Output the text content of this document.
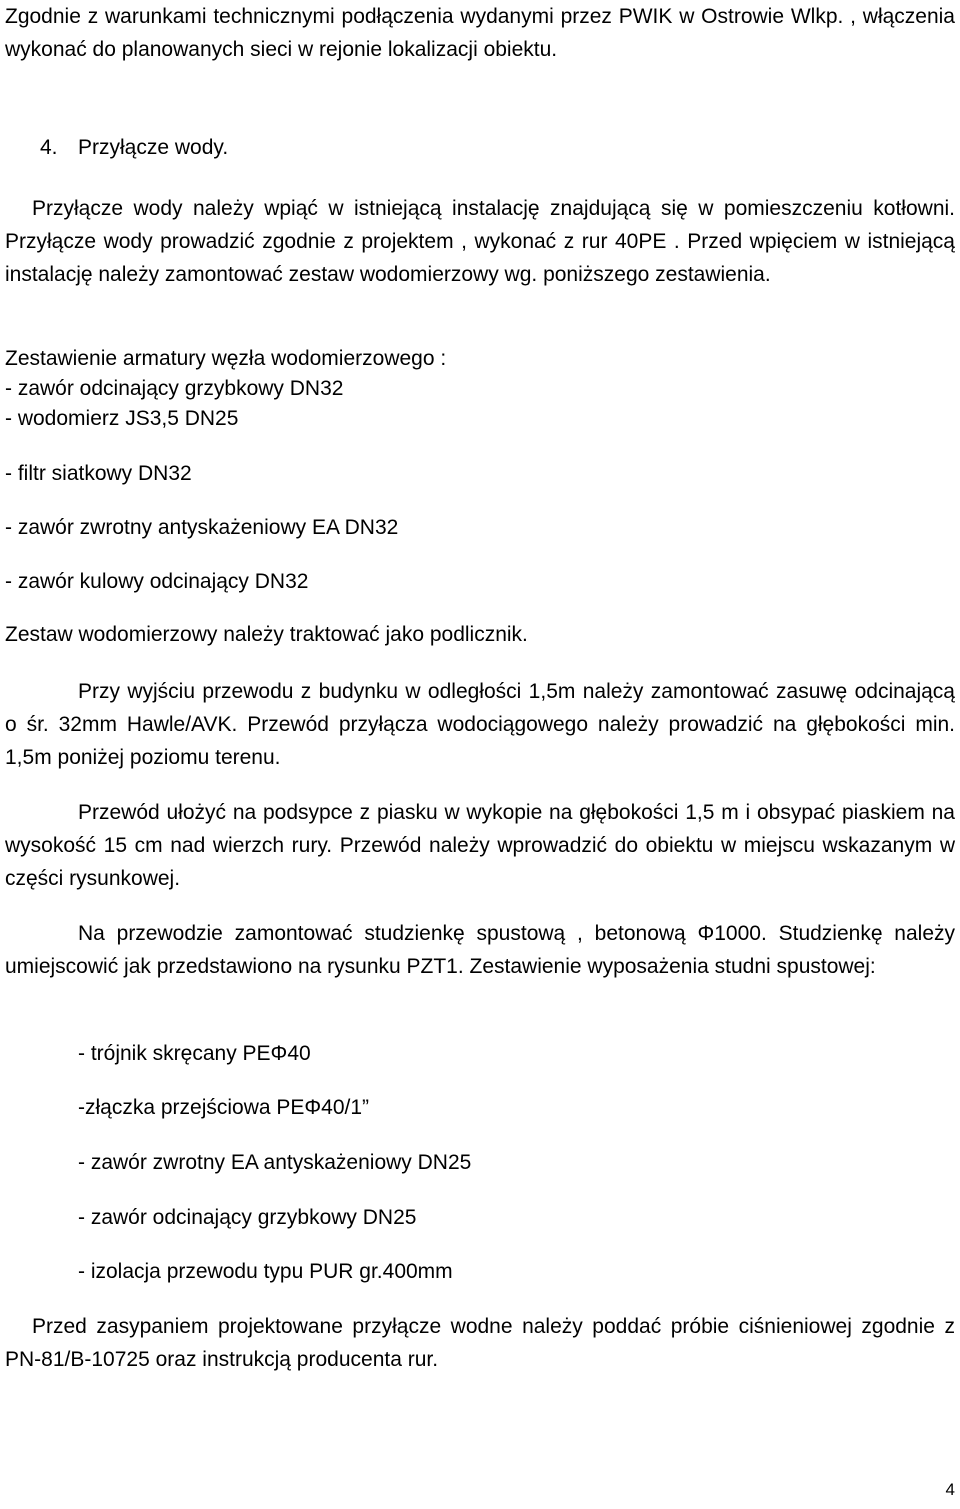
Zgodnie z warunkami technicznymi podłączenia wydanymi przez PWIK w Ostrowie Wlkp. , włączenia wykonać do planowanych sieci w rejonie lokalizacji obiektu.

4. Przyłącze wody.

Przyłącze wody należy wpiąć w istniejącą instalację znajdującą się w pomieszczeniu kotłowni. Przyłącze wody prowadzić zgodnie z projektem , wykonać z rur 40PE . Przed wpięciem w istniejącą instalację należy zamontować zestaw wodomierzowy wg. poniższego zestawienia.

Zestawienie armatury węzła wodomierzowego :

- zawór odcinający grzybkowy DN32

- wodomierz JS3,5 DN25

- filtr siatkowy DN32

- zawór zwrotny antyskażeniowy EA DN32

- zawór kulowy odcinający DN32

Zestaw wodomierzowy należy traktować jako podlicznik.

Przy wyjściu przewodu z budynku w odległości 1,5m należy zamontować zasuwę odcinającą o śr. 32mm Hawle/AVK. Przewód przyłącza wodociągowego należy prowadzić na głębokości min. 1,5m poniżej poziomu terenu.

Przewód ułożyć na podsypce z piasku w wykopie na głębokości 1,5 m i obsypać piaskiem na wysokość 15 cm nad wierzch rury. Przewód należy wprowadzić do obiektu w miejscu wskazanym w części rysunkowej.

Na przewodzie zamontować studzienkę spustową , betonową Φ1000. Studzienkę należy umiejscowić jak przedstawiono na rysunku PZT1. Zestawienie wyposażenia studni spustowej:

- trójnik skręcany PEΦ40

-złączka przejściowa PEΦ40/1”

- zawór zwrotny EA antyskażeniowy DN25

- zawór odcinający grzybkowy DN25

- izolacja przewodu typu PUR gr.400mm

Przed zasypaniem projektowane przyłącze wodne należy poddać próbie ciśnieniowej zgodnie z PN-81/B-10725 oraz instrukcją producenta rur.

4
